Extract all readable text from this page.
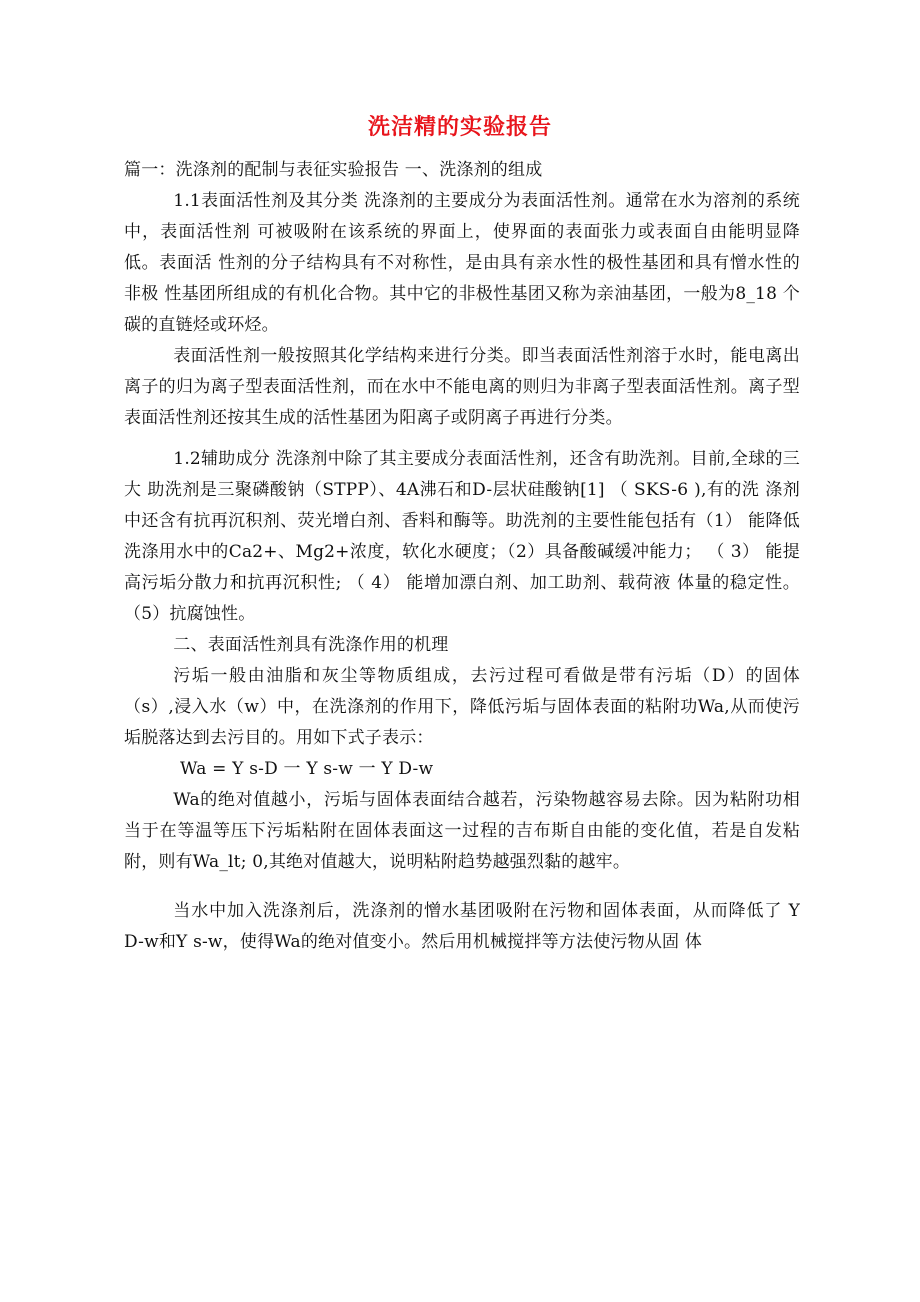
洗洁精的实验报告

篇一：洗涤剂的配制与表征实验报告 一、洗涤剂的组成

1.1表面活性剂及其分类 洗涤剂的主要成分为表面活性剂。通常在水为溶剂的系统中，表面活性剂 可被吸附在该系统的界面上，使界面的表面张力或表面自由能明显降低。表面活 性剂的分子结构具有不对称性，是由具有亲水性的极性基团和具有憎水性的非极 性基团所组成的有机化合物。其中它的非极性基团又称为亲油基团，一般为8_18 个碳的直链烃或环烃。

表面活性剂一般按照其化学结构来进行分类。即当表面活性剂溶于水时，能电离出离子的归为离子型表面活性剂，而在水中不能电离的则归为非离子型表面活性剂。离子型表面活性剂还按其生成的活性基团为阳离子或阴离子再进行分类。

1.2辅助成分 洗涤剂中除了其主要成分表面活性剂，还含有助洗剂。目前,全球的三大 助洗剂是三聚磷酸钠（STPP）、4A沸石和D-层状硅酸钠[1] （ SKS-6 ),有的洗 涤剂中还含有抗再沉积剂、荧光增白剂、香料和酶等。助洗剂的主要性能包括有（1） 能降低洗涤用水中的Ca2+、Mg2+浓度，软化水硬度；（2）具备酸碱缓冲能力； （ 3） 能提高污垢分散力和抗再沉积性; （ 4） 能增加漂白剂、加工助剂、载荷液 体量的稳定性。（5）抗腐蚀性。

二、表面活性剂具有洗涤作用的机理

污垢一般由油脂和灰尘等物质组成，去污过程可看做是带有污垢（D）的固体（s）,浸入水（w）中，在洗涤剂的作用下，降低污垢与固体表面的粘附功Wa,从而使污垢脱落达到去污目的。用如下式子表示：

Wa = Y s-D 一 Y s-w 一 Y D-w

Wa的绝对值越小，污垢与固体表面结合越若，污染物越容易去除。因为粘附功相当于在等温等压下污垢粘附在固体表面这一过程的吉布斯自由能的变化值，若是自发粘附，则有Wa_lt; 0,其绝对值越大，说明粘附趋势越强烈黏的越牢。

当水中加入洗涤剂后，洗涤剂的憎水基团吸附在污物和固体表面，从而降低了 Y D-w和Y s-w，使得Wa的绝对值变小。然后用机械搅拌等方法使污物从固 体
